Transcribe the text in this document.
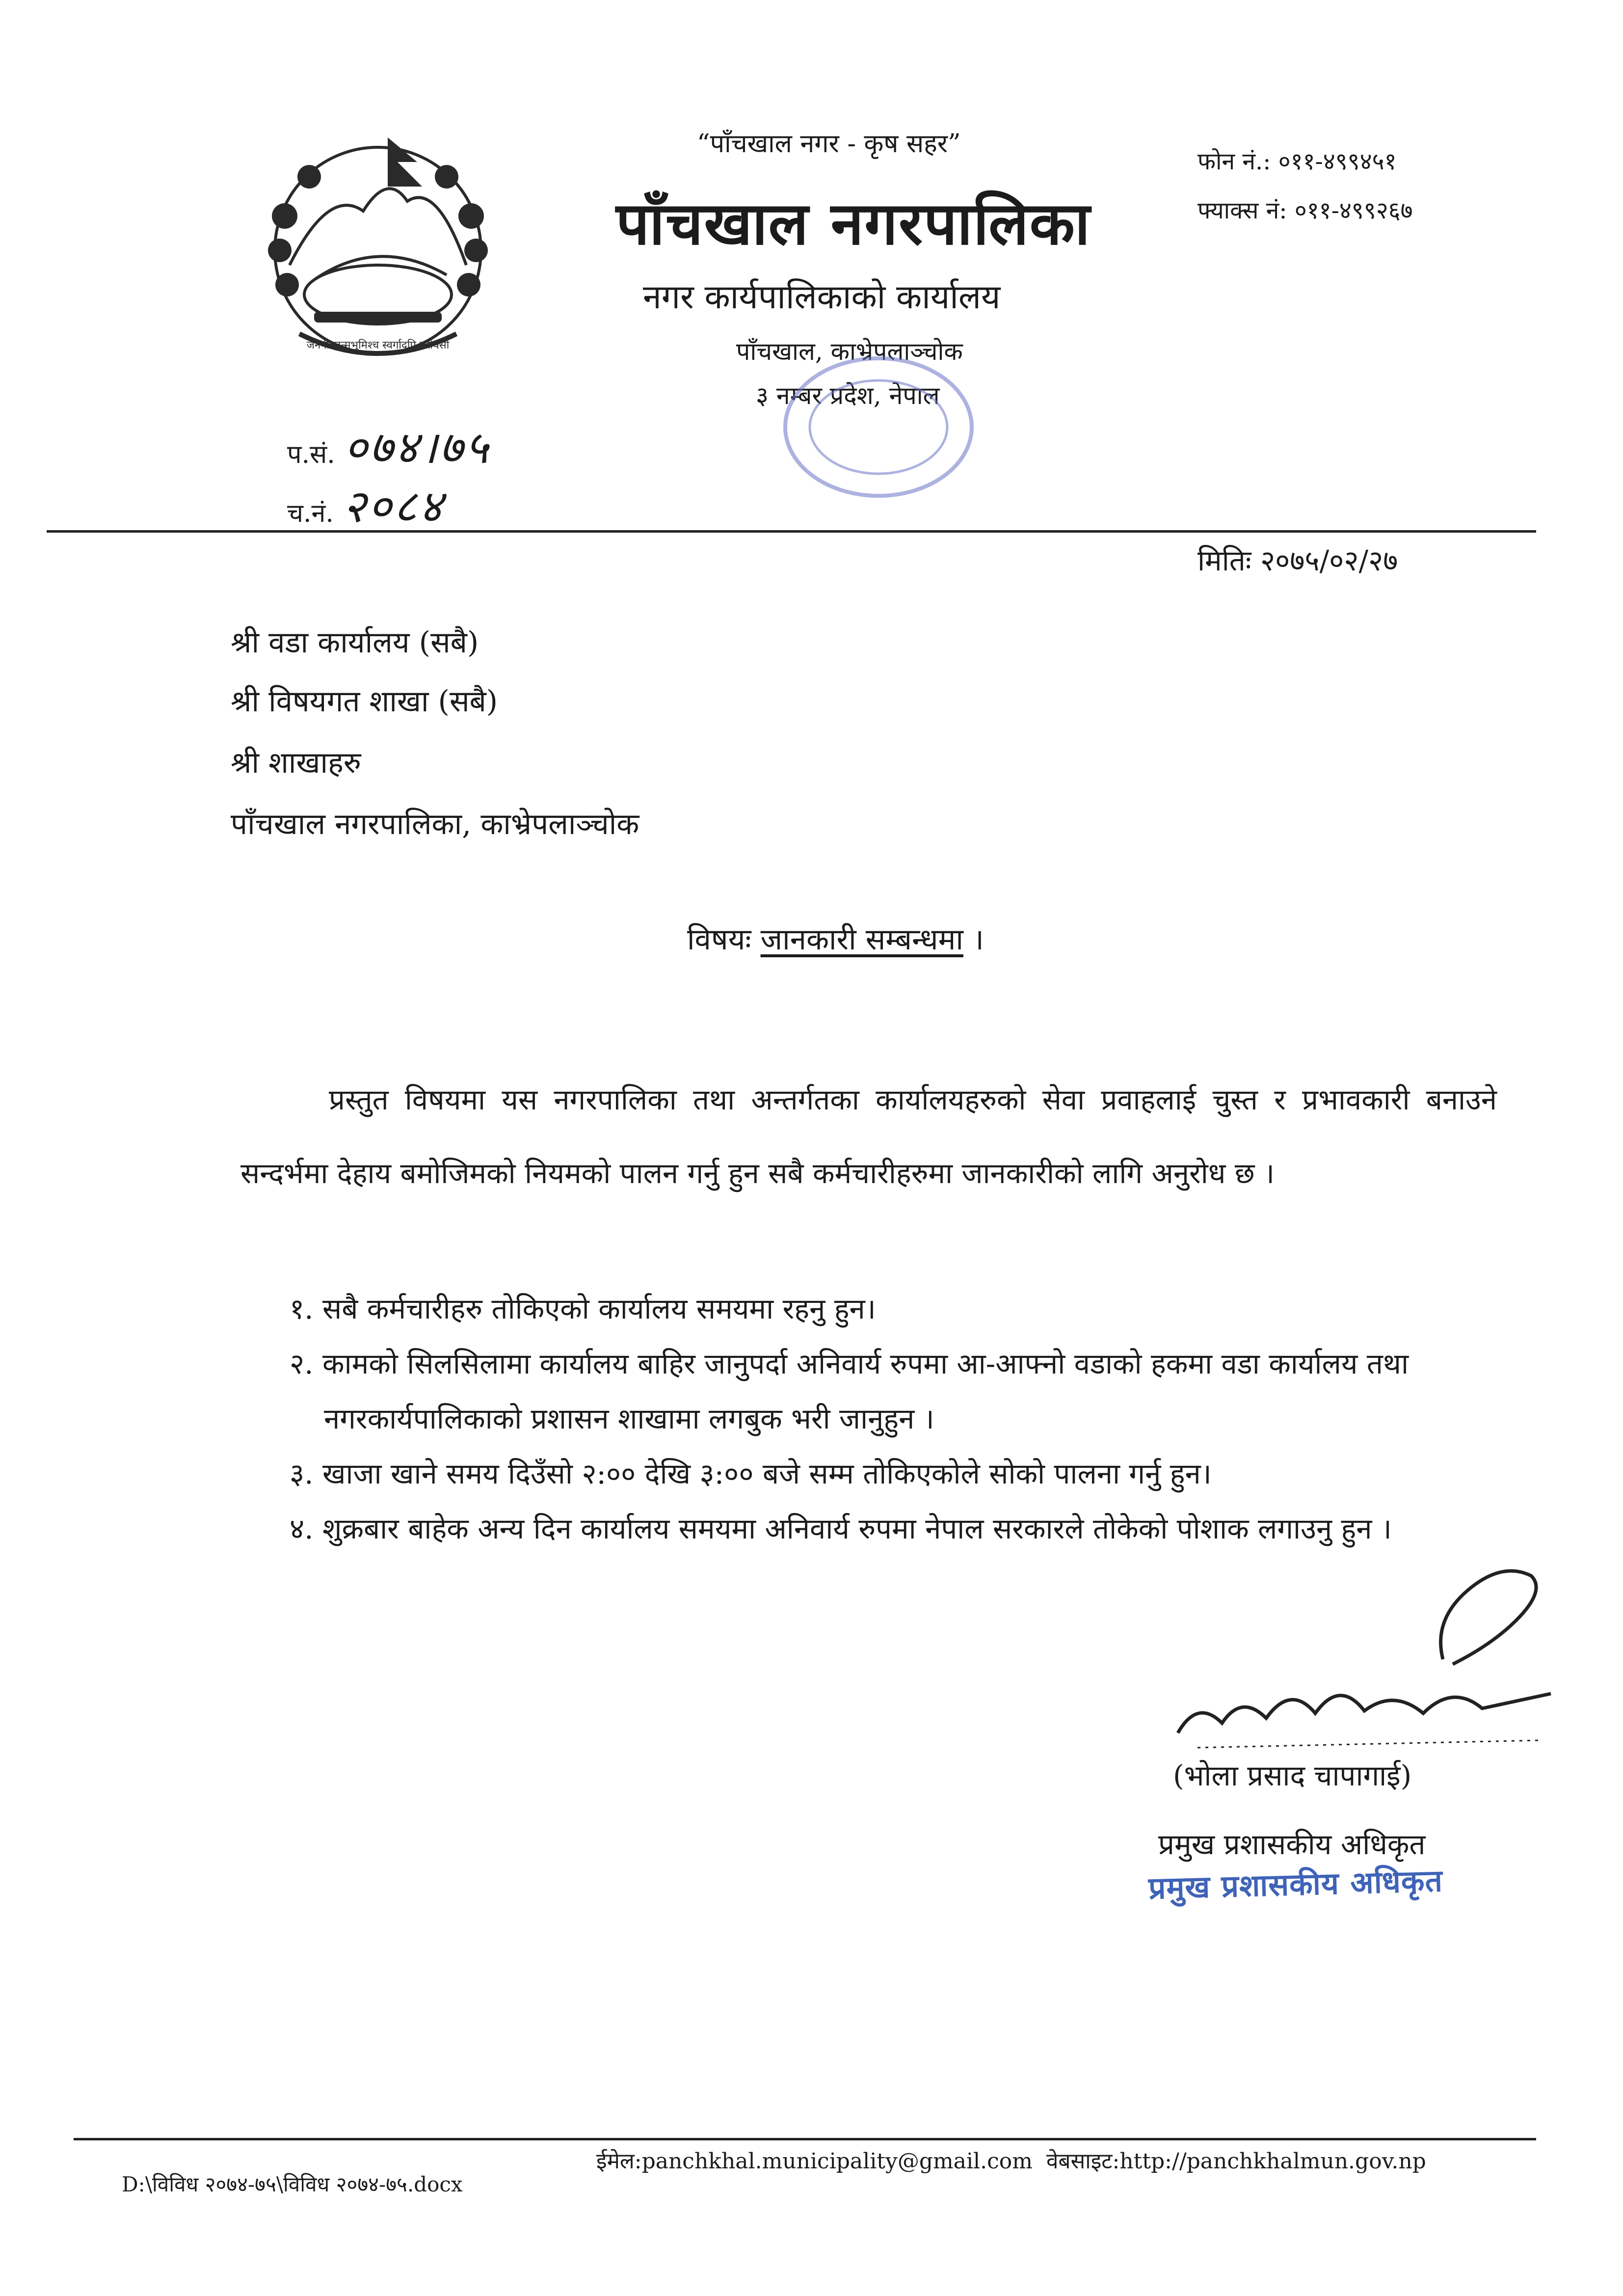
जननी जन्मभूमिश्च स्वर्गादपि गरीयसी
“पाँचखाल नगर - कृष सहर”
पाँचखाल नगरपालिका
नगर कार्यपालिकाको कार्यालय
पाँचखाल, काभ्रेपलाञ्चोक
३ नम्बर प्रदेश, नेपाल
फोन नं.: ०११-४९९४५१
फ्याक्स नं: ०११-४९९२६७
प.सं. ०७४।७५
च.नं. २०८४
मितिः २०७५/०२/२७
श्री वडा कार्यालय (सबै)
श्री विषयगत शाखा (सबै)
श्री शाखाहरु
पाँचखाल नगरपालिका, काभ्रेपलाञ्चोक
विषयः जानकारी सम्बन्धमा ।
प्रस्तुत विषयमा यस नगरपालिका तथा अन्तर्गतका कार्यालयहरुको सेवा प्रवाहलाई चुस्त र प्रभावकारी बनाउने सन्दर्भमा देहाय बमोजिमको नियमको पालन गर्नु हुन सबै कर्मचारीहरुमा जानकारीको लागि अनुरोध छ ।
१. सबै कर्मचारीहरु तोकिएको कार्यालय समयमा रहनु हुन।
२. कामको सिलसिलामा कार्यालय बाहिर जानुपर्दा अनिवार्य रुपमा आ-आफ्नो वडाको हकमा वडा कार्यालय तथा नगरकार्यपालिकाको प्रशासन शाखामा लगबुक भरी जानुहुन ।
३. खाजा खाने समय दिउँसो २:०० देखि ३:०० बजे सम्म तोकिएकोले सोको पालना गर्नु हुन।
४. शुक्रबार बाहेक अन्य दिन कार्यालय समयमा अनिवार्य रुपमा नेपाल सरकारले तोकेको पोशाक लगाउनु हुन ।
भोला प्रसाद चापागाई
(भोला प्रसाद चापागाई)
प्रमुख प्रशासकीय अधिकृत
प्रमुख प्रशासकीय अधिकृत
D:\विविध २०७४-७५\विविध २०७४-७५.docx
ईमेल:panchkhal.municipality@gmail.com वेबसाइट:http://panchkhalmun.gov.np
